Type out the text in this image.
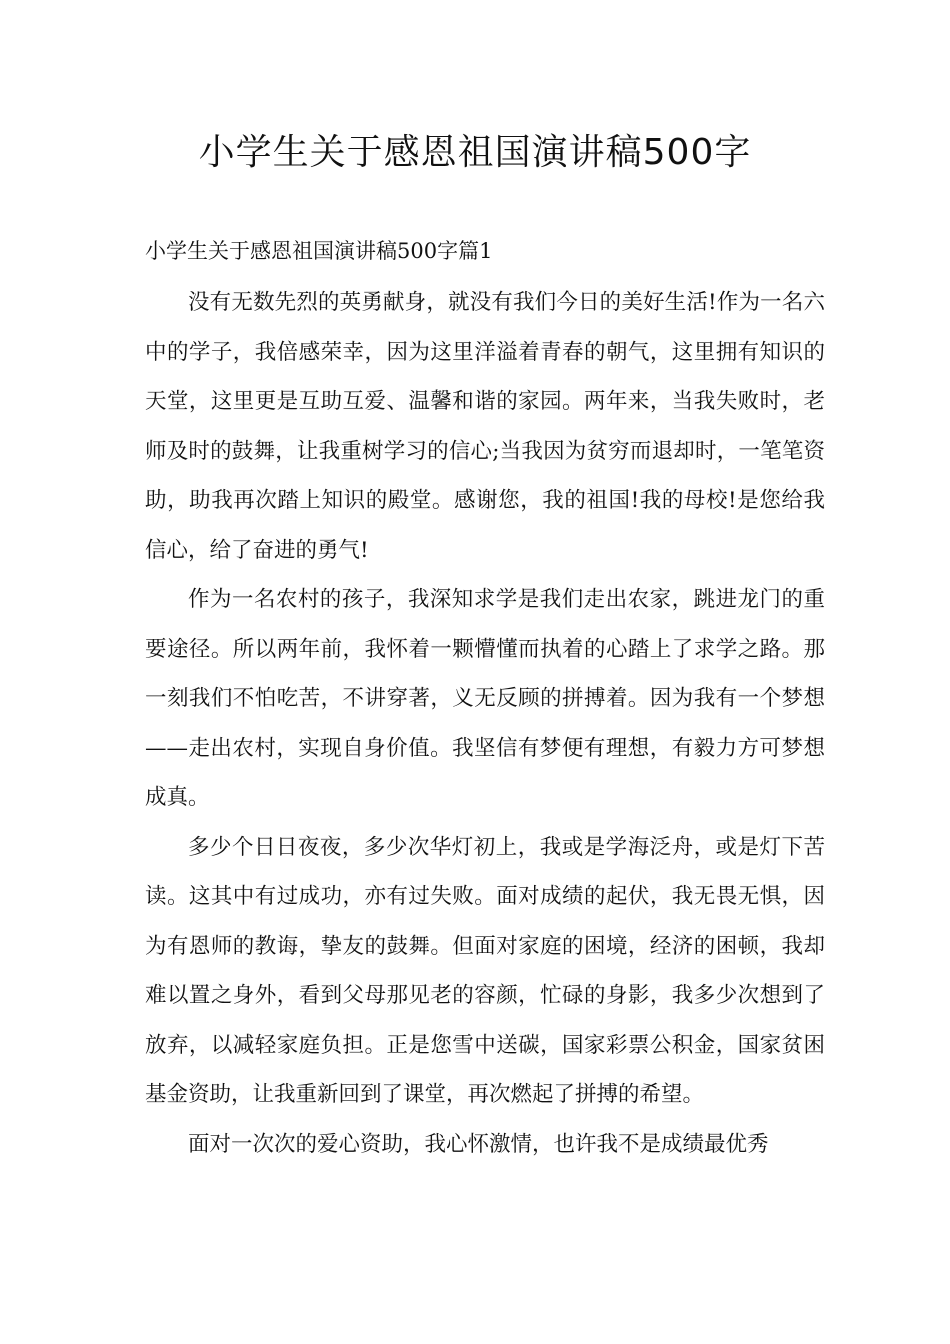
小学生关于感恩祖国演讲稿500字
小学生关于感恩祖国演讲稿500字篇1

没有无数先烈的英勇献身，就没有我们今日的美好生活!作为一名六中的学子，我倍感荣幸，因为这里洋溢着青春的朝气，这里拥有知识的天堂，这里更是互助互爱、温馨和谐的家园。两年来，当我失败时，老师及时的鼓舞，让我重树学习的信心;当我因为贫穷而退却时，一笔笔资助，助我再次踏上知识的殿堂。感谢您，我的祖国!我的母校!是您给我信心，给了奋进的勇气!

作为一名农村的孩子，我深知求学是我们走出农家，跳进龙门的重要途径。所以两年前，我怀着一颗懵懂而执着的心踏上了求学之路。那一刻我们不怕吃苦，不讲穿著，义无反顾的拼搏着。因为我有一个梦想——走出农村，实现自身价值。我坚信有梦便有理想，有毅力方可梦想成真。

多少个日日夜夜，多少次华灯初上，我或是学海泛舟，或是灯下苦读。这其中有过成功，亦有过失败。面对成绩的起伏，我无畏无惧，因为有恩师的教诲，挚友的鼓舞。但面对家庭的困境，经济的困顿，我却难以置之身外，看到父母那见老的容颜，忙碌的身影，我多少次想到了放弃，以减轻家庭负担。正是您雪中送碳，国家彩票公积金，国家贫困基金资助，让我重新回到了课堂，再次燃起了拼搏的希望。

面对一次次的爱心资助，我心怀激情，也许我不是成绩最优秀
